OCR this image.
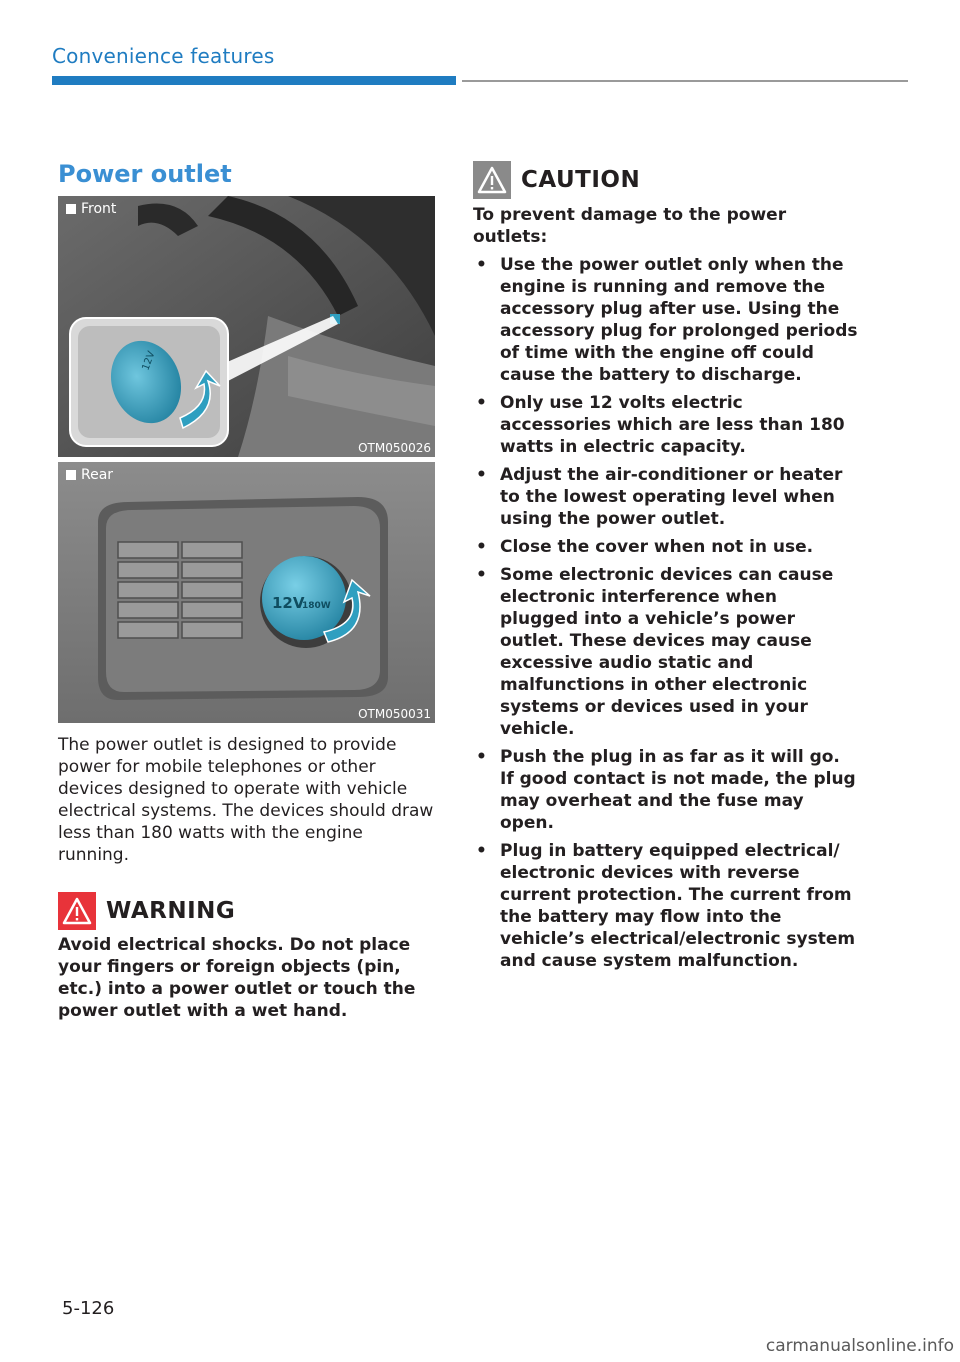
Convenience features
Power outlet
12V
Front
OTM050026
12V
180W
Rear
OTM050031
The power outlet is designed to provide power for mobile telephones or other devices designed to operate with vehicle electrical systems. The devices should draw less than 180 watts with the engine running.
WARNING
Avoid electrical shocks. Do not place your fingers or foreign objects (pin, etc.) into a power outlet or touch the power outlet with a wet hand.
CAUTION
To prevent damage to the power outlets:
• Use the power outlet only when the engine is running and remove the accessory plug after use. Using the accessory plug for prolonged periods of time with the engine off could cause the battery to discharge.
• Only use 12 volts electric accessories which are less than 180 watts in electric capacity.
• Adjust the air-conditioner or heater to the lowest operating level when using the power outlet.
• Close the cover when not in use.
• Some electronic devices can cause electronic interference when plugged into a vehicle’s power outlet. These devices may cause excessive audio static and malfunctions in other electronic systems or devices used in your vehicle.
• Push the plug in as far as it will go. If good contact is not made, the plug may overheat and the fuse may open.
• Plug in battery equipped electrical/ electronic devices with reverse current protection. The current from the battery may flow into the vehicle’s electrical/electronic system and cause system malfunction.
5-126
carmanualsonline.info
